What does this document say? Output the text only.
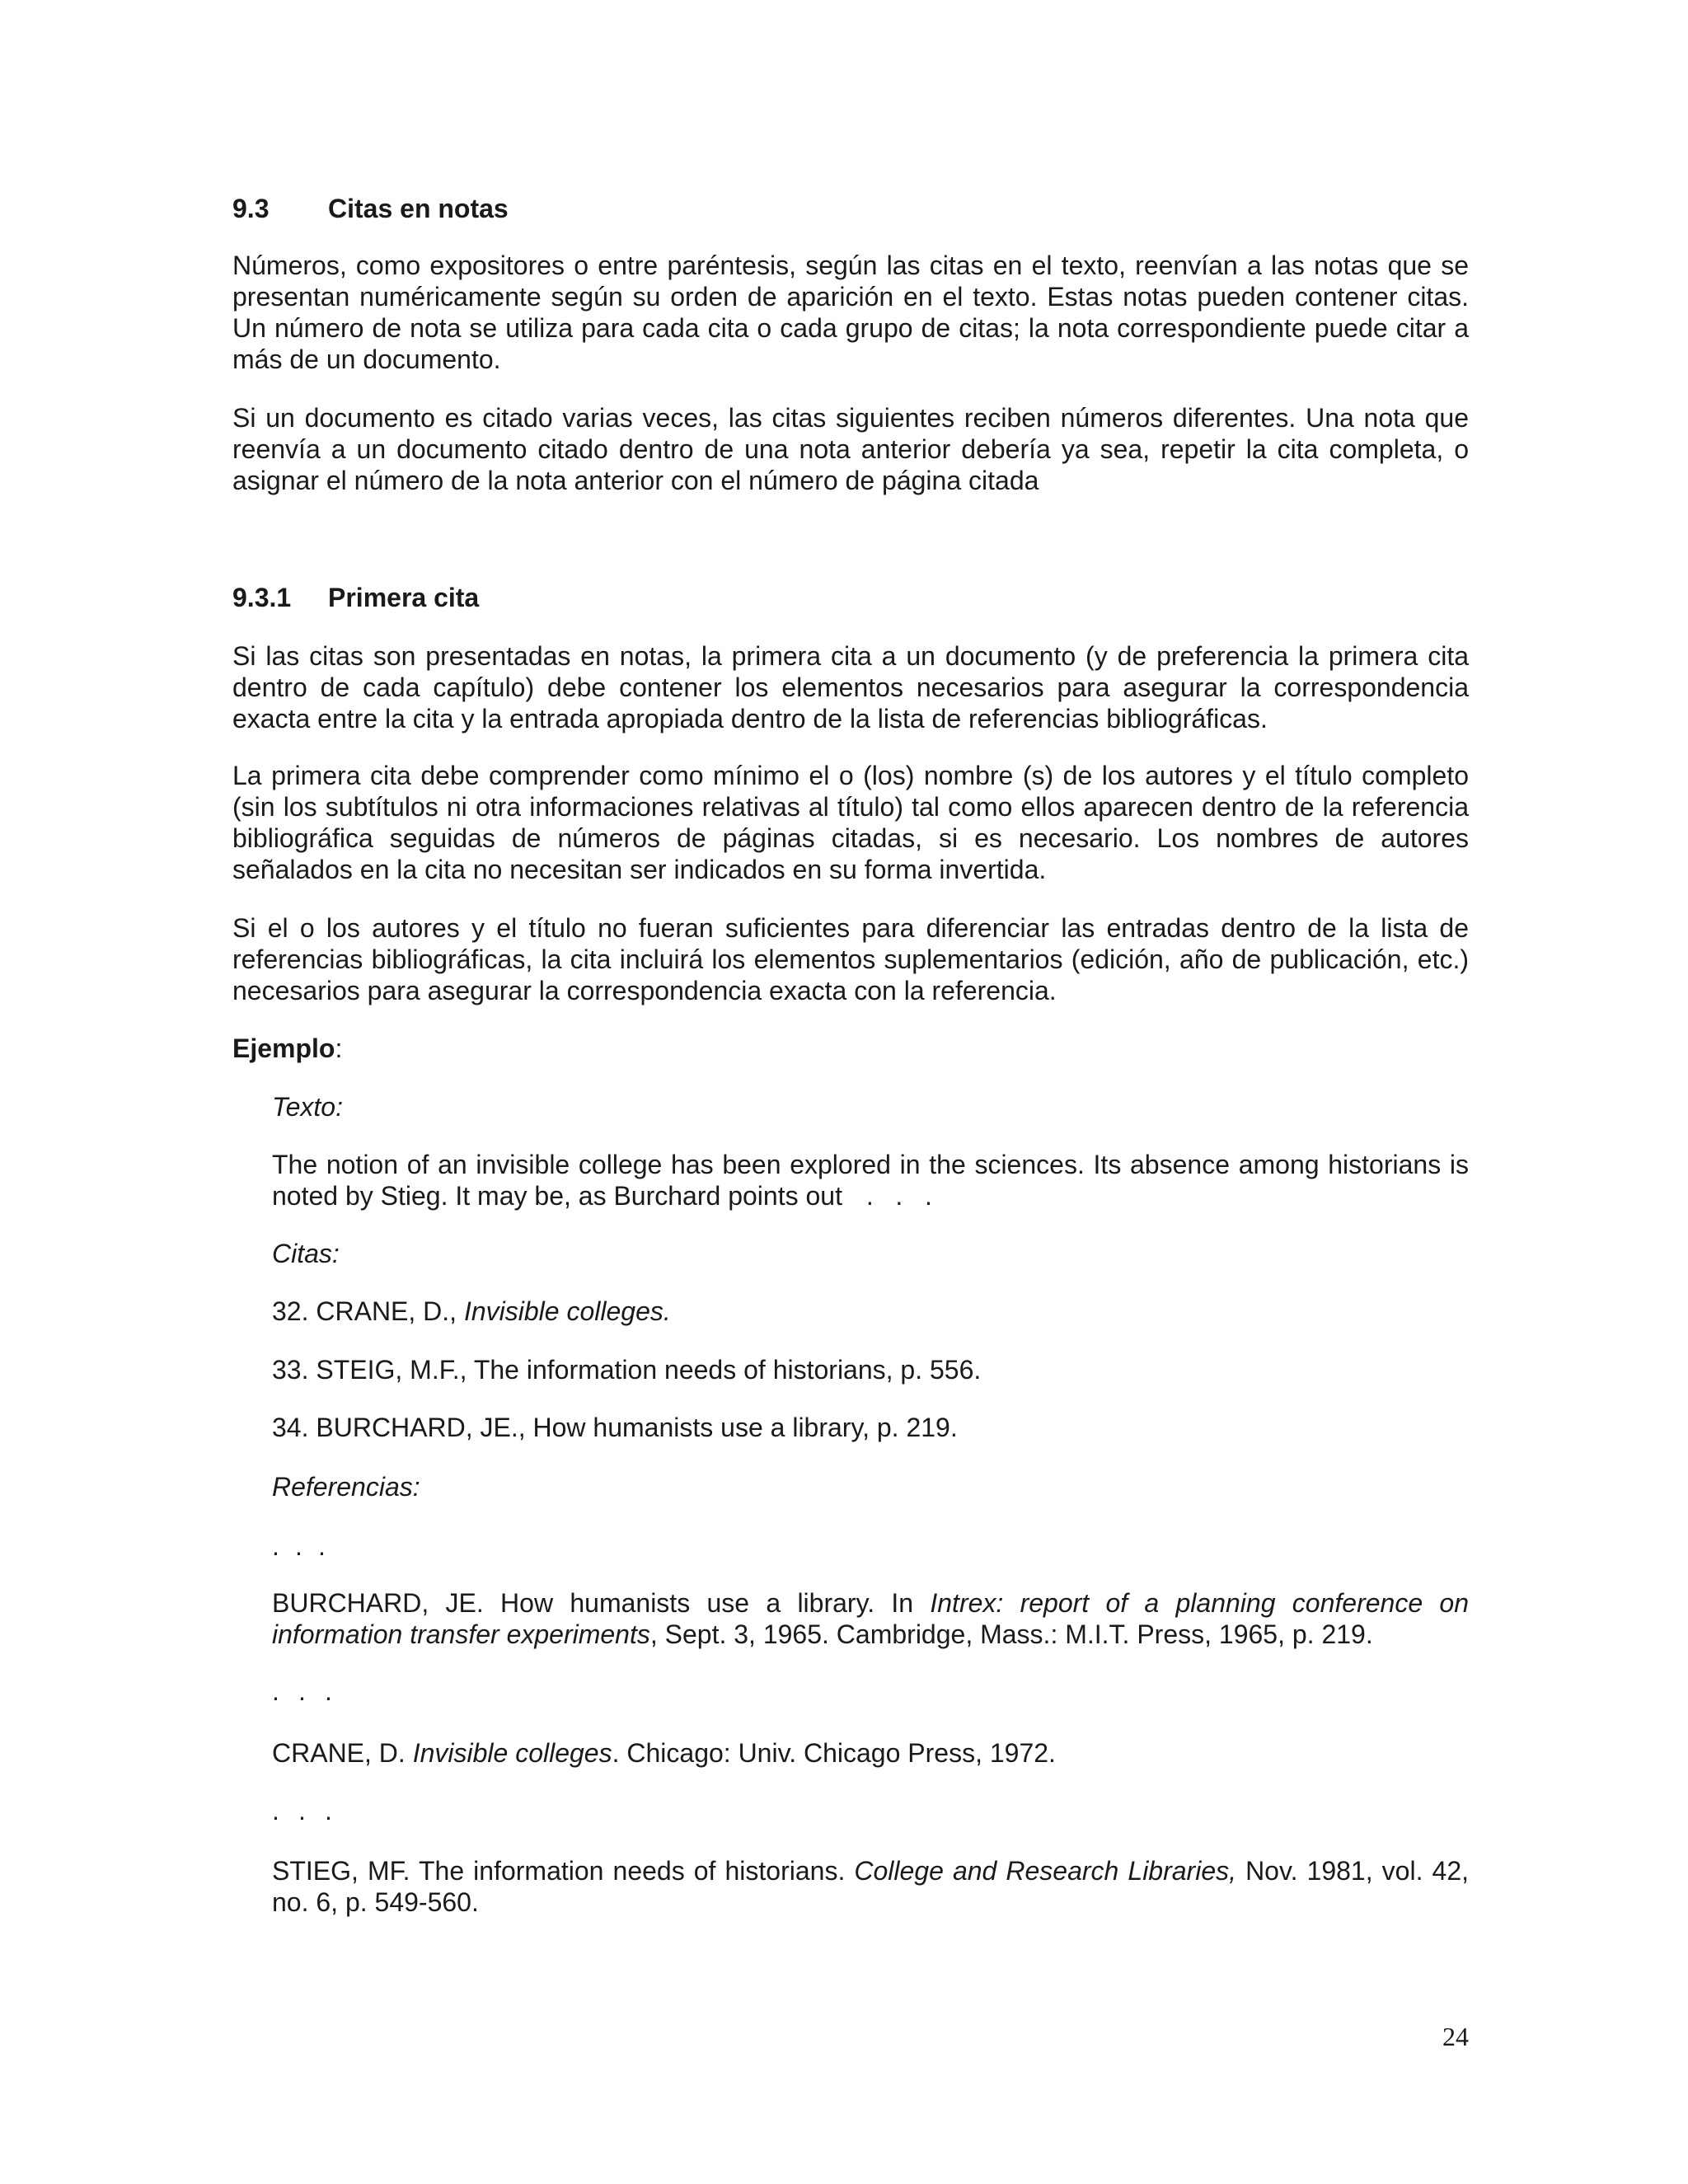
9.3 Citas en notas

Números, como expositores o entre paréntesis, según las citas en el texto, reenvían a las notas que se presentan numéricamente según su orden de aparición en el texto. Estas notas pueden contener citas. Un número de nota se utiliza para cada cita o cada grupo de citas; la nota correspondiente puede citar a más de un documento.

Si un documento es citado varias veces, las citas siguientes reciben números diferentes. Una nota que reenvía a un documento citado dentro de una nota anterior debería ya sea, repetir la cita completa, o asignar el número de la nota anterior con el número de página citada

9.3.1 Primera cita

Si las citas son presentadas en notas, la primera cita a un documento (y de preferencia la primera cita dentro de cada capítulo) debe contener los elementos necesarios para asegurar la correspondencia exacta entre la cita y la entrada apropiada dentro de la lista de referencias bibliográficas.

La primera cita debe comprender como mínimo el o (los) nombre (s) de los autores y el título completo (sin los subtítulos ni otra informaciones relativas al título) tal como ellos aparecen dentro de la referencia bibliográfica seguidas de números de páginas citadas, si es necesario. Los nombres de autores señalados en la cita no necesitan ser indicados en su forma invertida.

Si el o los autores y el título no fueran suficientes para diferenciar las entradas dentro de la lista de referencias bibliográficas, la cita incluirá los elementos suplementarios (edición, año de publicación, etc.) necesarios para asegurar la correspondencia exacta con la referencia.

Ejemplo:
Texto:

The notion of an invisible college has been explored in the sciences. Its absence among historians is noted by Stieg. It may be, as Burchard points out .   .   .

Citas:
32. CRANE, D., Invisible colleges.
33. STEIG, M.F., The information needs of historians, p. 556.
34. BURCHARD, JE., How humanists use a library, p. 219.
Referencias:
. . .

BURCHARD, JE. How humanists use a library. In Intrex: report of a planning conference on information transfer experiments, Sept. 3, 1965. Cambridge, Mass.: M.I.T. Press, 1965, p. 219.

. . .
CRANE, D. Invisible colleges. Chicago: Univ. Chicago Press, 1972.
. . .

STIEG, MF. The information needs of historians. College and Research Libraries, Nov. 1981, vol. 42, no. 6, p. 549-560.

24
